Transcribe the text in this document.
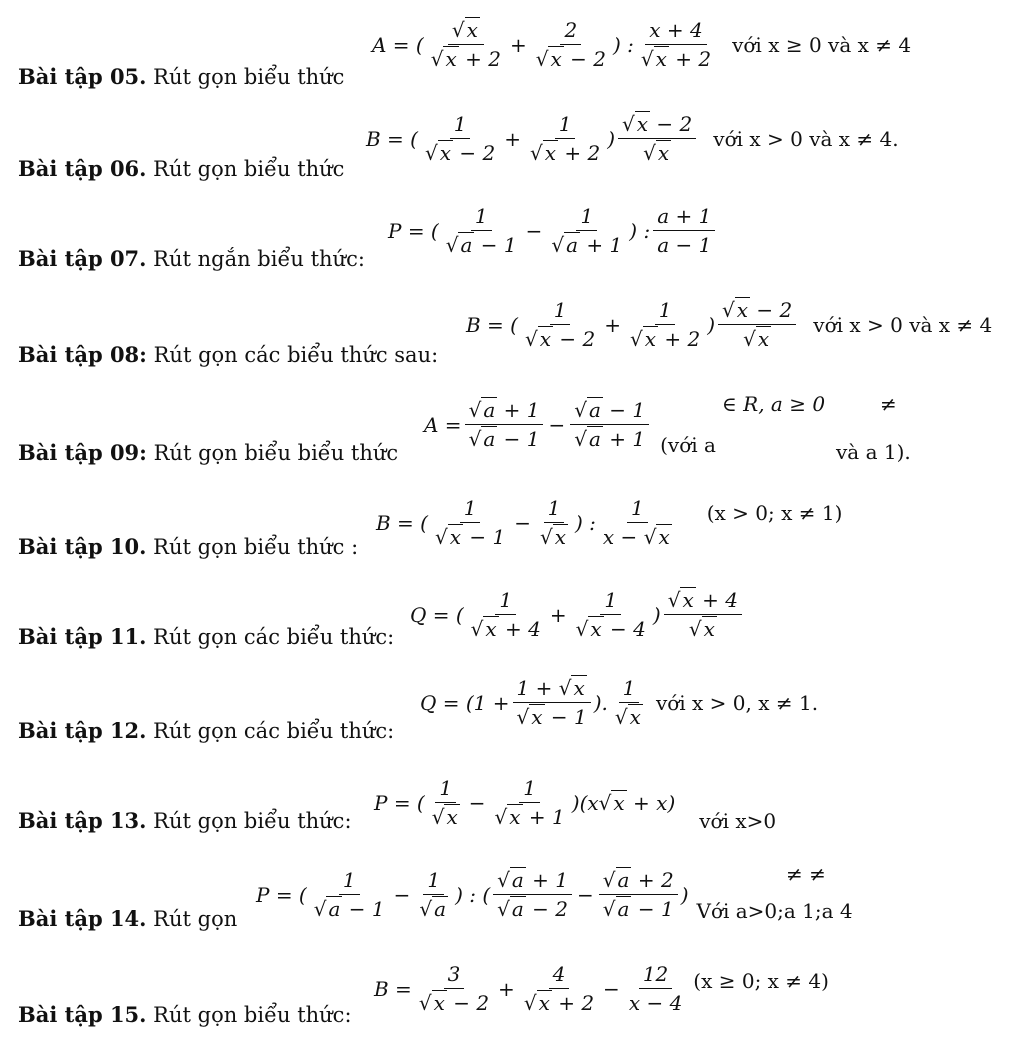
Bài tập 05. Rút gọn biểu thức
A = ( $\frac{√ x}{√ x + 2} + \frac{2}{√ x - 2}$ ) : $\frac{x + 4}{√ x + 2}$ với x ≥ 0 và x ≠ 4
Bài tập 06. Rút gọn biểu thức
B = ( $\frac{1}{√ x - 2} + \frac{1}{√ x + 2}$ ) $\frac{√ x - 2}{√ x}$ với x > 0 và x ≠ 4.
Bài tập 07. Rút ngắn biểu thức:
P = ( $\frac{1}{√ a - 1} - \frac{1}{√ a + 1}$ ) : $\frac{a + 1}{a - 1}$
Bài tập 08: Rút gọn các biểu thức sau:
B = ( $\frac{1}{√ x - 2} + \frac{1}{√ x + 2}$ ) $\frac{√ x - 2}{√ x}$ với x > 0 và x ≠ 4
Bài tập 09: Rút gọn biểu biểu thức
$A = \frac{√ a + 1}{√ a - 1} - \frac{√ a - 1}{√ a + 1}$ (với a
∈ R, a ≥ 0	≠
và a 1).
Bài tập 10. Rút gọn biểu thức :
B = ( $\frac{1}{√ x - 1} - \frac{1}{√ x}$ ) : $\frac{1}{x - √ x} (x > 0$; x ≠ 1)
Bài tập 11. Rút gọn các biểu thức:
Q = ( $\frac{1}{√ x + 4} + \frac{1}{√ x - 4}$ ) $\frac{√ x + 4}{√ x}$
Bài tập 12. Rút gọn các biểu thức:
$Q = (1 + \frac{1 + √ x}{√ x - 1}$ ). $\frac{1}{√ x}$ với x > 0, x ≠ 1.
Bài tập 13. Rút gọn biểu thức:
P = ( $\frac{1}{√ x} - \frac{1}{√ x + 1} )(x√$ x + x)
với x>0
Bài tập 14. Rút gọn
P = ( $\frac{1}{√ a - 1} - \frac{1}{√ a}$ ) : ( $\frac{√ a + 1}{√ a - 2} - \frac{√ a + 2}{√ a - 1}$ )
Với a>0;a 1;a 4
≠ ≠
Bài tập 15. Rút gọn biểu thức:
$B = \frac{3}{√ x - 2} + \frac{4}{√ x + 2} - \frac{12}{x - 4} (x \ge 0$; x ≠ 4)
